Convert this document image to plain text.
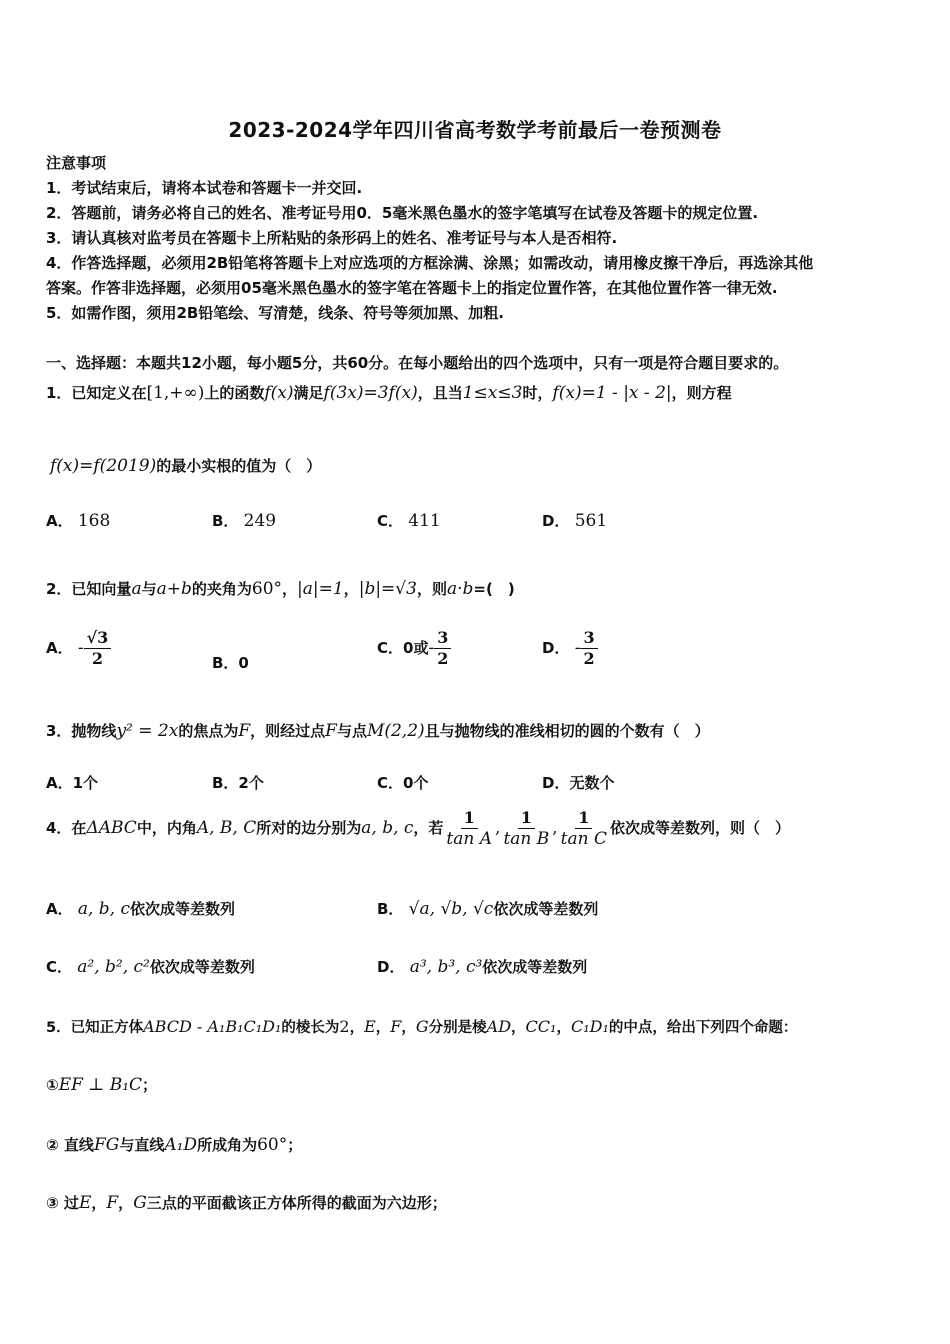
2023-2024学年四川省高考数学考前最后一卷预测卷
注意事项
1．考试结束后，请将本试卷和答题卡一并交回.
2．答题前，请务必将自己的姓名、准考证号用0．5毫米黑色墨水的签字笔填写在试卷及答题卡的规定位置.
3．请认真核对监考员在答题卡上所粘贴的条形码上的姓名、准考证号与本人是否相符.
4．作答选择题，必须用2B铅笔将答题卡上对应选项的方框涂满、涂黑；如需改动，请用橡皮擦干净后，再选涂其他
答案。作答非选择题，必须用05毫米黑色墨水的签字笔在答题卡上的指定位置作答，在其他位置作答一律无效.
5．如需作图，须用2B铅笔绘、写清楚，线条、符号等须加黑、加粗.
一、选择题：本题共12小题，每小题5分，共60分。在每小题给出的四个选项中，只有一项是符合题目要求的。
1．已知定义在[1,+∞)上的函数f(x)满足f(3x)=3f(x)，且当1≤x≤3时，f(x)=1 - |x - 2|，则方程
f(x)=f(2019)的最小实根的值为（　）
A． 168	B． 249	C． 411	D． 561
2．已知向量a与a+b的夹角为60°，|a|=1，|b|=√3，则a·b=(　)
A． - $\frac{√3}{2}$	B．0
C．0或- $\frac{3}{2}$	D． - $\frac{3}{2}$
3．抛物线y² = 2x的焦点为F，则经过点F与点M(2,2)且与抛物线的准线相切的圆的个数有（　）
A．1个	B．2个	C．0个	D．无数个
4．在ΔABC中，内角A, B, C所对的边分别为a, b, c，若 $\frac{1}{\text{tan A}}$ , $\frac{1}{\text{tan B}}$ , $\frac{1}{\text{tan C}}$ 依次成等差数列，则（　）
A． a, b, c依次成等差数列	B． √a, √b, √c依次成等差数列
C． a², b², c²依次成等差数列	D． a³, b³, c³依次成等差数列
5．已知正方体ABCD - A₁B₁C₁D₁的棱长为2，E，F，G分别是棱AD，CC₁，C₁D₁的中点，给出下列四个命题：
①EF ⊥ B₁C；
② 直线FG与直线A₁D所成角为60°；
③ 过E，F，G三点的平面截该正方体所得的截面为六边形；
